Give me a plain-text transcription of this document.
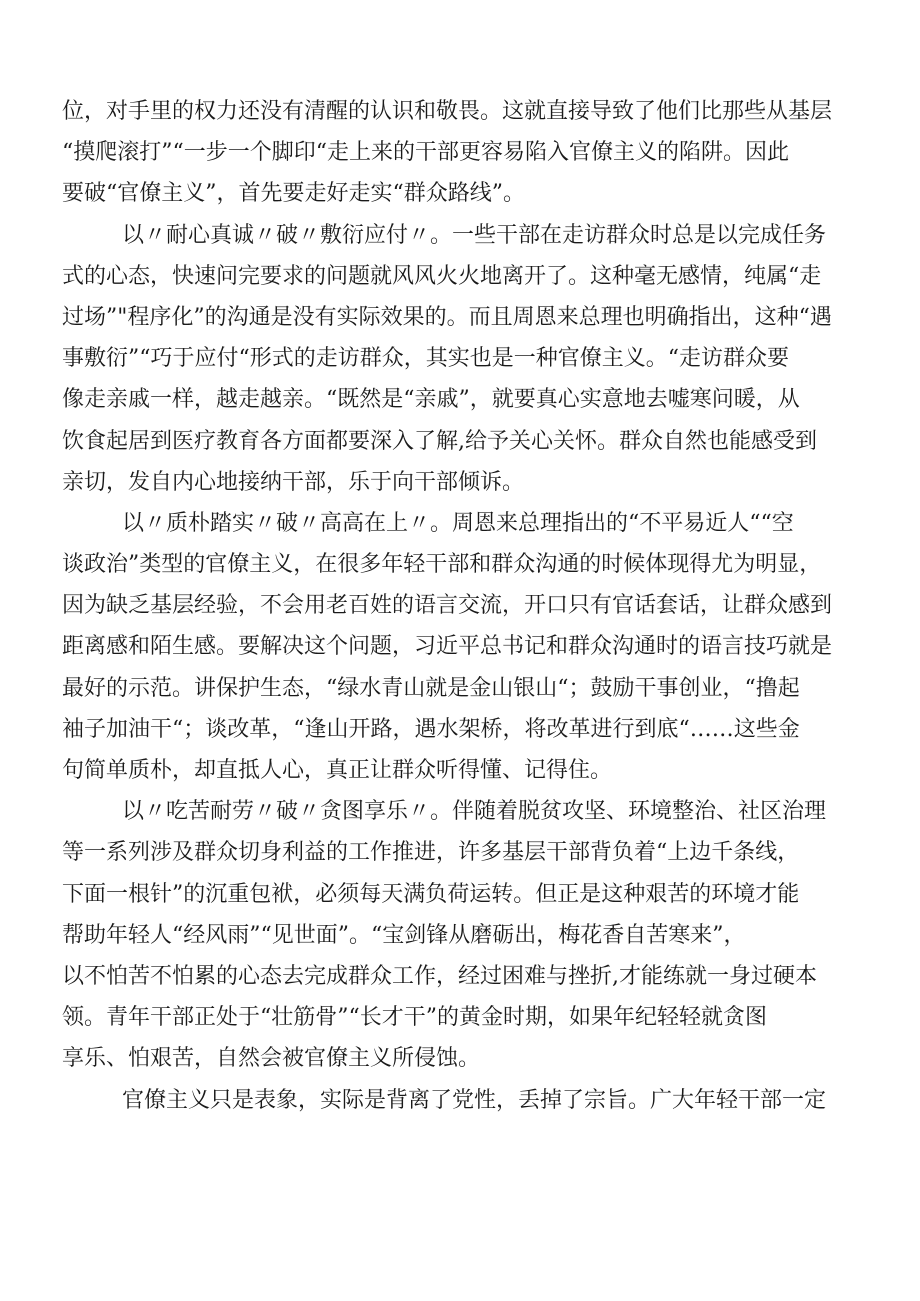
位，对手里的权力还没有清醒的认识和敬畏。这就直接导致了他们比那些从基层
“摸爬滚打”“一步一个脚印“走上来的干部更容易陷入官僚主义的陷阱。因此
要破“官僚主义”，首先要走好走实“群众路线”。
以〃耐心真诚〃破〃敷衍应付〃。一些干部在走访群众时总是以完成任务
式的心态，快速问完要求的问题就风风火火地离开了。这种毫无感情，纯属“走
过场”"程序化”的沟通是没有实际效果的。而且周恩来总理也明确指出，这种“遇
事敷衍”“巧于应付“形式的走访群众，其实也是一种官僚主义。“走访群众要
像走亲戚一样，越走越亲。“既然是“亲戚”，就要真心实意地去嘘寒问暖，从
饮食起居到医疗教育各方面都要深入了解,给予关心关怀。群众自然也能感受到
亲切，发自内心地接纳干部，乐于向干部倾诉。
以〃质朴踏实〃破〃高高在上〃。周恩来总理指出的“不平易近人““空
谈政治”类型的官僚主义，在很多年轻干部和群众沟通的时候体现得尤为明显，
因为缺乏基层经验，不会用老百姓的语言交流，开口只有官话套话，让群众感到
距离感和陌生感。要解决这个问题，习近平总书记和群众沟通时的语言技巧就是
最好的示范。讲保护生态，“绿水青山就是金山银山“；鼓励干事创业，“撸起
袖子加油干“；谈改革，“逢山开路，遇水架桥，将改革进行到底“……这些金
句简单质朴，却直抵人心，真正让群众听得懂、记得住。
以〃吃苦耐劳〃破〃贪图享乐〃。伴随着脱贫攻坚、环境整治、社区治理
等一系列涉及群众切身利益的工作推进，许多基层干部背负着“上边千条线，
下面一根针”的沉重包袱，必须每天满负荷运转。但正是这种艰苦的环境才能
帮助年轻人“经风雨”“见世面”。“宝剑锋从磨砺出，梅花香自苦寒来”，
以不怕苦不怕累的心态去完成群众工作，经过困难与挫折,才能练就一身过硬本
领。青年干部正处于“壮筋骨”“长才干”的黄金时期，如果年纪轻轻就贪图
享乐、怕艰苦，自然会被官僚主义所侵蚀。
官僚主义只是表象，实际是背离了党性，丢掉了宗旨。广大年轻干部一定
